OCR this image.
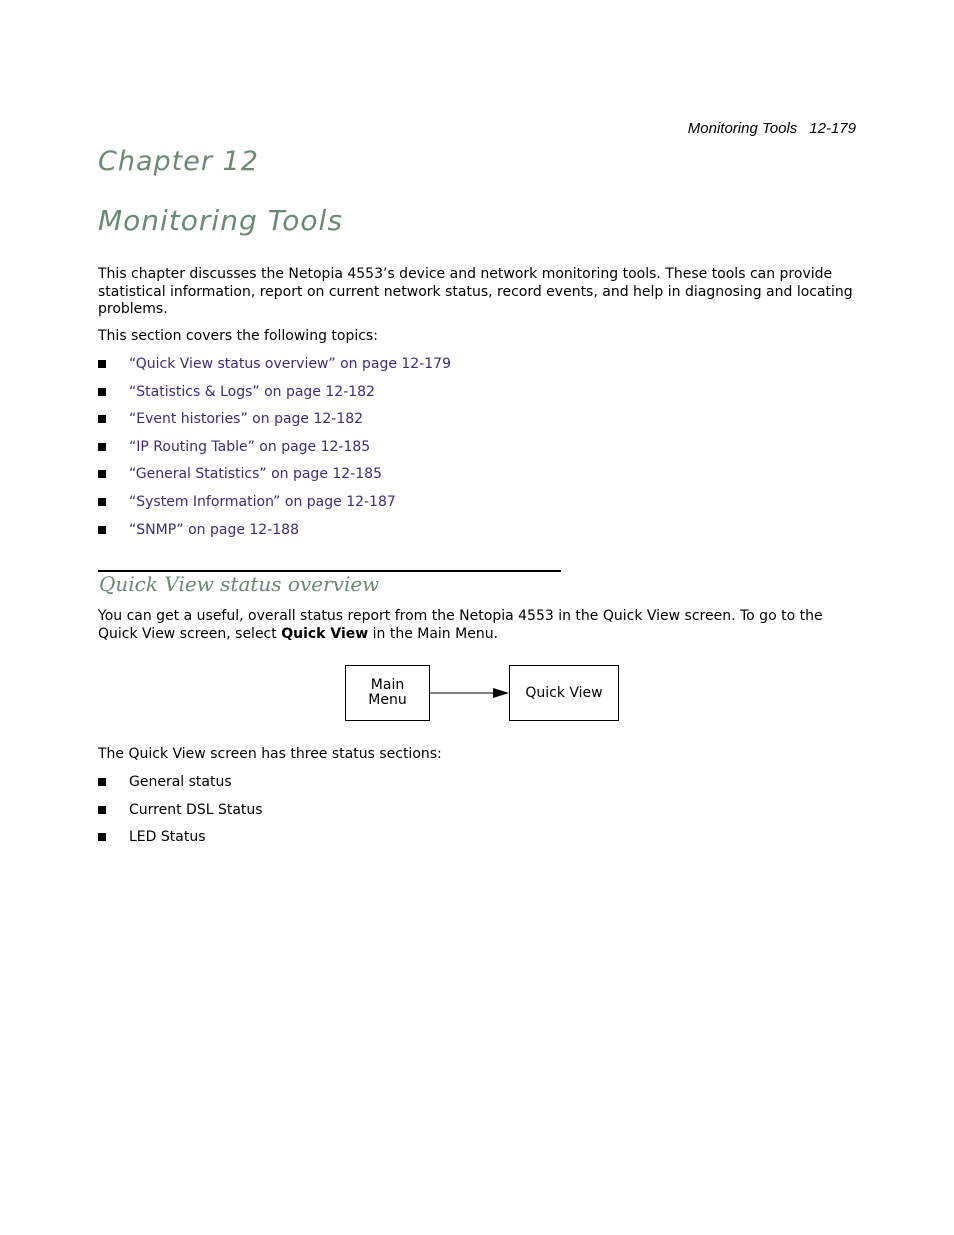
Monitoring Tools 12-179
Chapter 12
Monitoring Tools

This chapter discusses the Netopia 4553’s device and network monitoring tools. These tools can provide statistical information, report on current network status, record events, and help in diagnosing and locating problems.

This section covers the following topics:

“Quick View status overview” on page 12-179
“Statistics & Logs” on page 12-182
“Event histories” on page 12-182
“IP Routing Table” on page 12-185
“General Statistics” on page 12-185
“System Information” on page 12-187
“SNMP” on page 12-188
Quick View status overview

You can get a useful, overall status report from the Netopia 4553 in the Quick View screen. To go to the Quick View screen, select Quick View in the Main Menu.

Main
Menu	Quick View

The Quick View screen has three status sections:

General status
Current DSL Status
LED Status
